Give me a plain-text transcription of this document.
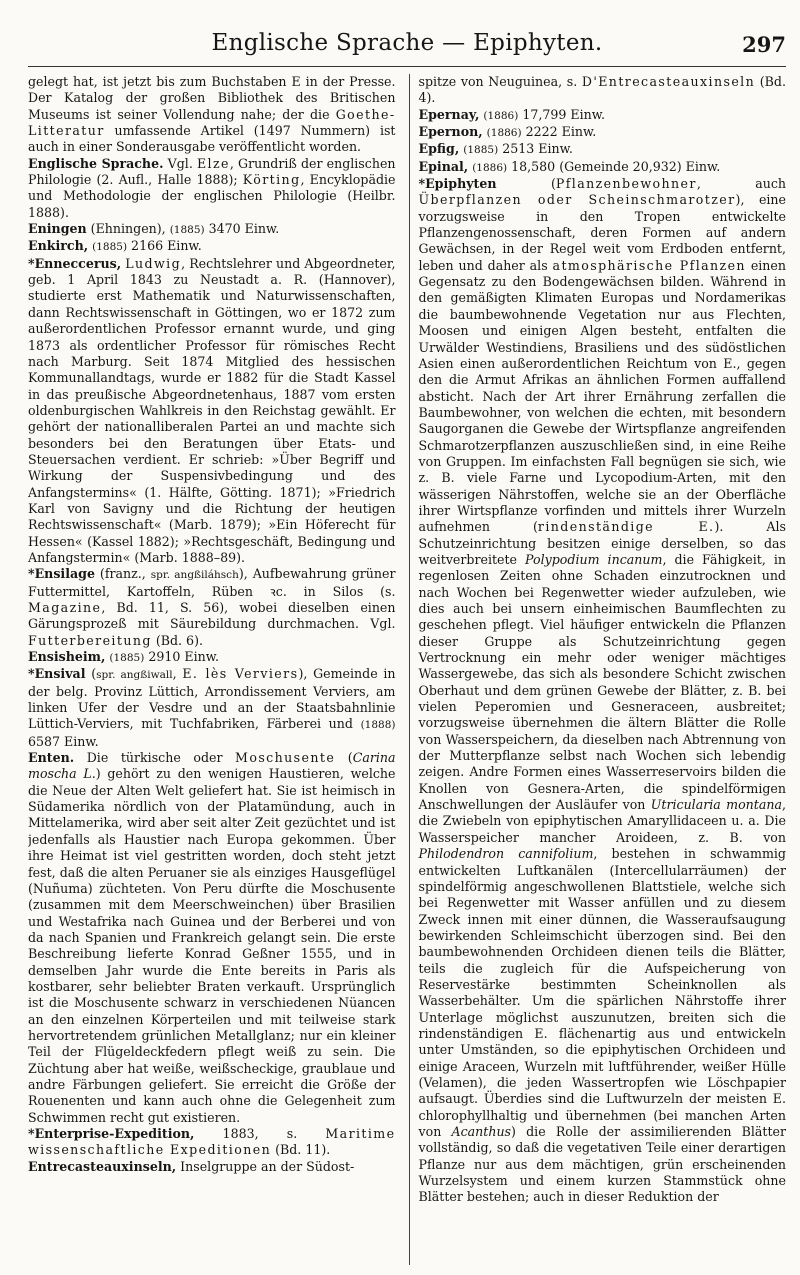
Englische Sprache — Epiphyten.	297

gelegt hat, ist jetzt bis zum Buchstaben E in der Presse. Der Katalog der großen Bibliothek des Britischen Museums ist seiner Vollendung nahe; der die Goethe-Litteratur umfassende Artikel (1497 Nummern) ist auch in einer Sonderausgabe veröffentlicht worden.

Englische Sprache. Vgl. Elze, Grundriß der englischen Philologie (2. Aufl., Halle 1888); Körting, Encyklopädie und Methodologie der englischen Philologie (Heilbr. 1888).

Eningen (Ehningen), (1885) 3470 Einw.

Enkirch, (1885) 2166 Einw.

*Enneccerus, Ludwig, Rechtslehrer und Abgeordneter, geb. 1 April 1843 zu Neustadt a. R. (Hannover), studierte erst Mathematik und Naturwissenschaften, dann Rechtswissenschaft in Göttingen, wo er 1872 zum außerordentlichen Professor ernannt wurde, und ging 1873 als ordentlicher Professor für römisches Recht nach Marburg. Seit 1874 Mitglied des hessischen Kommunallandtags, wurde er 1882 für die Stadt Kassel in das preußische Abgeordnetenhaus, 1887 vom ersten oldenburgischen Wahlkreis in den Reichstag gewählt. Er gehört der nationalliberalen Partei an und machte sich besonders bei den Beratungen über Etats- und Steuersachen verdient. Er schrieb: »Über Begriff und Wirkung der Suspensivbedingung und des Anfangstermins« (1. Hälfte, Götting. 1871); »Friedrich Karl von Savigny und die Richtung der heutigen Rechtswissenschaft« (Marb. 1879); »Ein Höferecht für Hessen« (Kassel 1882); »Rechtsgeschäft, Bedingung und Anfangstermin« (Marb. 1888–89).

*Ensilage (franz., spr. angßiláhsch), Aufbewahrung grüner Futtermittel, Kartoffeln, Rüben ꝛc. in Silos (s. Magazine, Bd. 11, S. 56), wobei dieselben einen Gärungsprozeß mit Säurebildung durchmachen. Vgl. Futterbereitung (Bd. 6).

Ensisheim, (1885) 2910 Einw.

*Ensival (spr. angßiwall, E. lès Verviers), Gemeinde in der belg. Provinz Lüttich, Arrondissement Verviers, am linken Ufer der Vesdre und an der Staatsbahnlinie Lüttich-Verviers, mit Tuchfabriken, Färberei und (1888) 6587 Einw.

Enten. Die türkische oder Moschusente (Carina moscha L.) gehört zu den wenigen Haustieren, welche die Neue der Alten Welt geliefert hat. Sie ist heimisch in Südamerika nördlich von der Platamündung, auch in Mittelamerika, wird aber seit alter Zeit gezüchtet und ist jedenfalls als Haustier nach Europa gekommen. Über ihre Heimat ist viel gestritten worden, doch steht jetzt fest, daß die alten Peruaner sie als einziges Hausgeflügel (Nuñuma) züchteten. Von Peru dürfte die Moschusente (zusammen mit dem Meerschweinchen) über Brasilien und Westafrika nach Guinea und der Berberei und von da nach Spanien und Frankreich gelangt sein. Die erste Beschreibung lieferte Konrad Geßner 1555, und in demselben Jahr wurde die Ente bereits in Paris als kostbarer, sehr beliebter Braten verkauft. Ursprünglich ist die Moschusente schwarz in verschiedenen Nüancen an den einzelnen Körperteilen und mit teilweise stark hervortretendem grünlichen Metallglanz; nur ein kleiner Teil der Flügeldeckfedern pflegt weiß zu sein. Die Züchtung aber hat weiße, weißscheckige, graublaue und andre Färbungen geliefert. Sie erreicht die Größe der Rouenenten und kann auch ohne die Gelegenheit zum Schwimmen recht gut existieren.

*Enterprise-Expedition, 1883, s. Maritime wissenschaftliche Expeditionen (Bd. 11).

Entrecasteauxinseln, Inselgruppe an der Südost-

spitze von Neuguinea, s. D'Entrecasteauxinseln (Bd. 4).

Epernay, (1886) 17,799 Einw.

Epernon, (1886) 2222 Einw.

Epfig, (1885) 2513 Einw.

Epinal, (1886) 18,580 (Gemeinde 20,932) Einw.

*Epiphyten (Pflanzenbewohner, auch Überpflanzen oder Scheinschmarotzer), eine vorzugsweise in den Tropen entwickelte Pflanzengenossenschaft, deren Formen auf andern Gewächsen, in der Regel weit vom Erdboden entfernt, leben und daher als atmosphärische Pflanzen einen Gegensatz zu den Bodengewächsen bilden. Während in den gemäßigten Klimaten Europas und Nordamerikas die baumbewohnende Vegetation nur aus Flechten, Moosen und einigen Algen besteht, entfalten die Urwälder Westindiens, Brasiliens und des südöstlichen Asien einen außerordentlichen Reichtum von E., gegen den die Armut Afrikas an ähnlichen Formen auffallend absticht. Nach der Art ihrer Ernährung zerfallen die Baumbewohner, von welchen die echten, mit besondern Saugorganen die Gewebe der Wirtspflanze angreifenden Schmarotzerpflanzen auszuschließen sind, in eine Reihe von Gruppen. Im einfachsten Fall begnügen sie sich, wie z. B. viele Farne und Lycopodium-Arten, mit den wässerigen Nährstoffen, welche sie an der Oberfläche ihrer Wirtspflanze vorfinden und mittels ihrer Wurzeln aufnehmen (rindenständige E.). Als Schutzeinrichtung besitzen einige derselben, so das weitverbreitete Polypodium incanum, die Fähigkeit, in regenlosen Zeiten ohne Schaden einzutrocknen und nach Wochen bei Regenwetter wieder aufzuleben, wie dies auch bei unsern einheimischen Baumflechten zu geschehen pflegt. Viel häufiger entwickeln die Pflanzen dieser Gruppe als Schutzeinrichtung gegen Vertrocknung ein mehr oder weniger mächtiges Wassergewebe, das sich als besondere Schicht zwischen Oberhaut und dem grünen Gewebe der Blätter, z. B. bei vielen Peperomien und Gesneraceen, ausbreitet; vorzugsweise übernehmen die ältern Blätter die Rolle von Wasserspeichern, da dieselben nach Abtrennung von der Mutterpflanze selbst nach Wochen sich lebendig zeigen. Andre Formen eines Wasserreservoirs bilden die Knollen von Gesnera-Arten, die spindelförmigen Anschwellungen der Ausläufer von Utricularia montana, die Zwiebeln von epiphytischen Amaryllidaceen u. a. Die Wasserspeicher mancher Aroideen, z. B. von Philodendron cannifolium, bestehen in schwammig entwickelten Luftkanälen (Intercellularräumen) der spindelförmig angeschwollenen Blattstiele, welche sich bei Regenwetter mit Wasser anfüllen und zu diesem Zweck innen mit einer dünnen, die Wasseraufsaugung bewirkenden Schleimschicht überzogen sind. Bei den baumbewohnenden Orchideen dienen teils die Blätter, teils die zugleich für die Aufspeicherung von Reservestärke bestimmten Scheinknollen als Wasserbehälter. Um die spärlichen Nährstoffe ihrer Unterlage möglichst auszunutzen, breiten sich die rindenständigen E. flächenartig aus und entwickeln unter Umständen, so die epiphytischen Orchideen und einige Araceen, Wurzeln mit luftführender, weißer Hülle (Velamen), die jeden Wassertropfen wie Löschpapier aufsaugt. Überdies sind die Luftwurzeln der meisten E. chlorophyllhaltig und übernehmen (bei manchen Arten von Acanthus) die Rolle der assimilierenden Blätter vollständig, so daß die vegetativen Teile einer derartigen Pflanze nur aus dem mächtigen, grün erscheinenden Wurzelsystem und einem kurzen Stammstück ohne Blätter bestehen; auch in dieser Reduktion der
